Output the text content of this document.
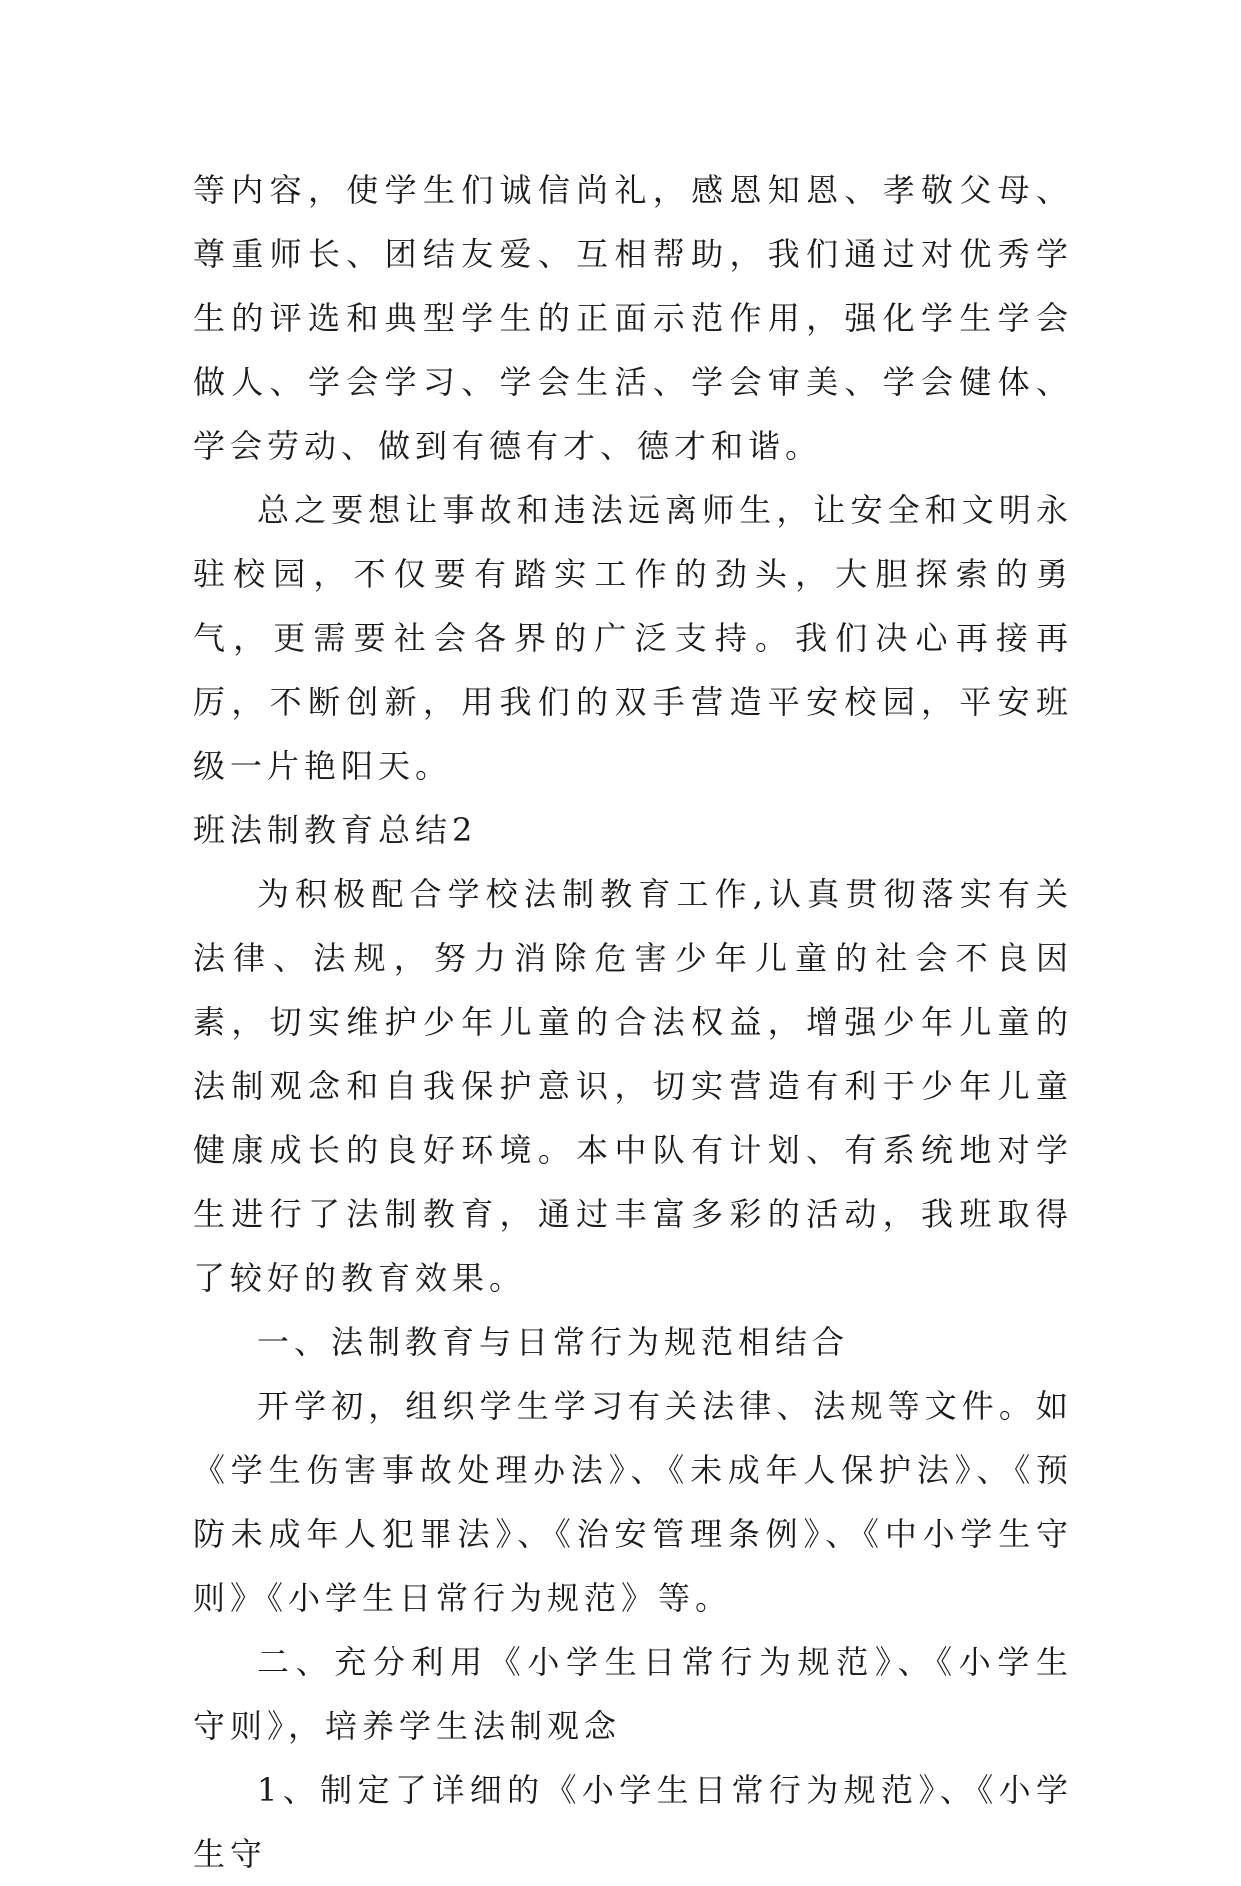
等内容，使学生们诚信尚礼，感恩知恩、孝敬父母、尊重师长、团结友爱、互相帮助，我们通过对优秀学生的评选和典型学生的正面示范作用，强化学生学会做人、学会学习、学会生活、学会审美、学会健体、学会劳动、做到有德有才、德才和谐。

总之要想让事故和违法远离师生，让安全和文明永驻校园，不仅要有踏实工作的劲头，大胆探索的勇气，更需要社会各界的广泛支持。我们决心再接再厉，不断创新，用我们的双手营造平安校园，平安班级一片艳阳天。

班法制教育总结2

为积极配合学校法制教育工作,认真贯彻落实有关法律、法规，努力消除危害少年儿童的社会不良因素，切实维护少年儿童的合法权益，增强少年儿童的法制观念和自我保护意识，切实营造有利于少年儿童健康成长的良好环境。本中队有计划、有系统地对学生进行了法制教育，通过丰富多彩的活动，我班取得了较好的教育效果。

一、法制教育与日常行为规范相结合

开学初，组织学生学习有关法律、法规等文件。如《学生伤害事故处理办法》、《未成年人保护法》、《预防未成年人犯罪法》、《治安管理条例》、《中小学生守则》《小学生日常行为规范》等。

二、充分利用《小学生日常行为规范》、《小学生守则》，培养学生法制观念

1、制定了详细的《小学生日常行为规范》、《小学生守
